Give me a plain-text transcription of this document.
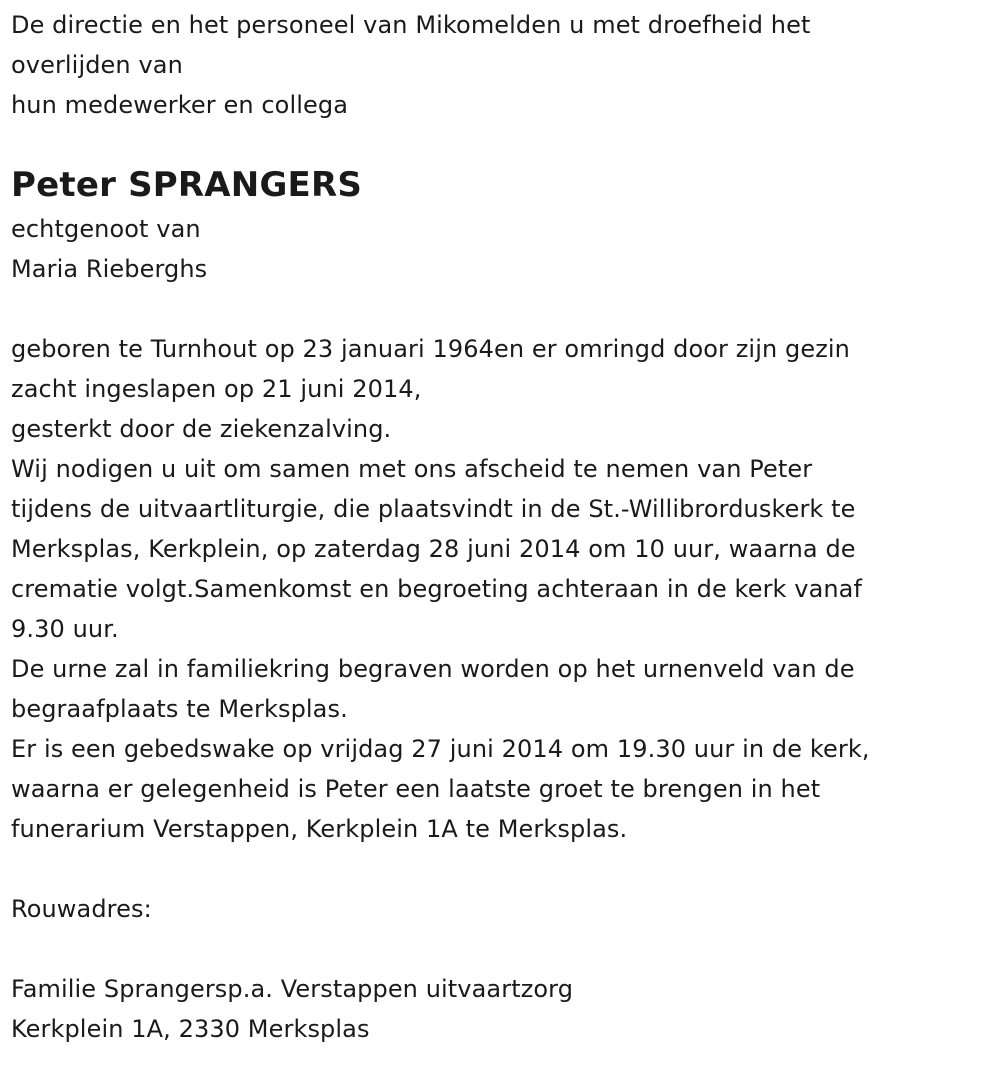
De directie en het personeel van Mikomelden u met droefheid het
overlijden van
hun medewerker en collega
Peter SPRANGERS
echtgenoot van
Maria Rieberghs
geboren te Turnhout op 23 januari 1964en er omringd door zijn gezin
zacht ingeslapen op 21 juni 2014,
gesterkt door de ziekenzalving.
Wij nodigen u uit om samen met ons afscheid te nemen van Peter
tijdens de uitvaartliturgie, die plaatsvindt in de St.-Willibrorduskerk te
Merksplas, Kerkplein, op zaterdag 28 juni 2014 om 10 uur, waarna de
crematie volgt.Samenkomst en begroeting achteraan in de kerk vanaf
9.30 uur.
De urne zal in familiekring begraven worden op het urnenveld van de
begraafplaats te Merksplas.
Er is een gebedswake op vrijdag 27 juni 2014 om 19.30 uur in de kerk,
waarna er gelegenheid is Peter een laatste groet te brengen in het
funerarium Verstappen, Kerkplein 1A te Merksplas.
Rouwadres:
Familie Sprangersp.a. Verstappen uitvaartzorg
Kerkplein 1A, 2330 Merksplas
